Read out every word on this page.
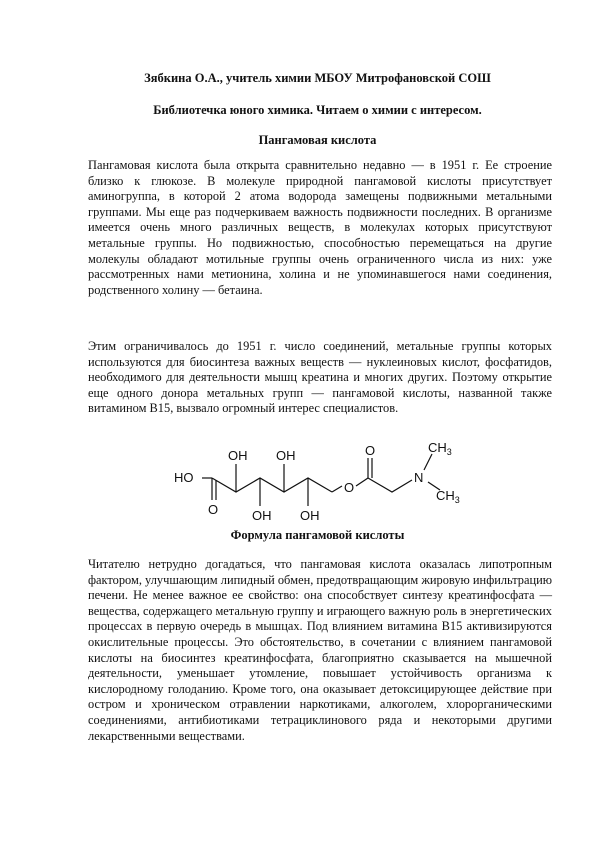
Зябкина О.А., учитель химии МБОУ Митрофановской СОШ
Библиотечка юного химика. Читаем о химии с интересом.
Пангамовая кислота

Пангамовая кислота была открыта сравнительно недавно — в 1951 г. Ее строение близко к глюкозе. В молекуле природной пангамовой кислоты присутствует аминогруппа, в которой 2 атома водорода замещены подвижными метальными группами. Мы еще раз подчеркиваем важность подвижности последних. В организме имеется очень много различных веществ, в молекулах которых присутствуют метальные группы. Но подвижностью, способностью перемещаться на другие молекулы обладают мотильные группы очень ограниченного числа из них: уже рассмотренных нами метионина, холина и не упоминавшегося нами соединения, родственного холину — бетаина.

Этим ограничивалось до 1951 г. число соединений, метальные группы которых используются для биосинтеза важных веществ — нуклеиновых кислот, фосфатидов, необходимого для деятельности мышц креатина и многих других. Поэтому открытие еще одного донора метальных групп — пангамовой кислоты, названной также витамином В15, вызвало огромный интерес специалистов.

HO
O
OH OH
OH OH
O
O
N
$CH_3$
$CH_3$
Формула пангамовой кислоты

Читателю нетрудно догадаться, что пангамовая кислота оказалась липотропным фактором, улучшающим липидный обмен, предотвращающим жировую инфильтрацию печени. Не менее важное ее свойство: она способствует синтезу креатинфосфата — вещества, содержащего метальную группу и играющего важную роль в энергетических процессах в первую очередь в мышцах. Под влиянием витамина В15 активизируются окислительные процессы. Это обстоятельство, в сочетании с влиянием пангамовой кислоты на биосинтез креатинфосфата, благоприятно сказывается на мышечной деятельности, уменьшает утомление, повышает устойчивость организма к кислородному голоданию. Кроме того, она оказывает детоксицирующее действие при остром и хроническом отравлении наркотиками, алкоголем, хлорорганическими соединениями, антибиотиками тетрациклинового ряда и некоторыми другими лекарственными веществами.
